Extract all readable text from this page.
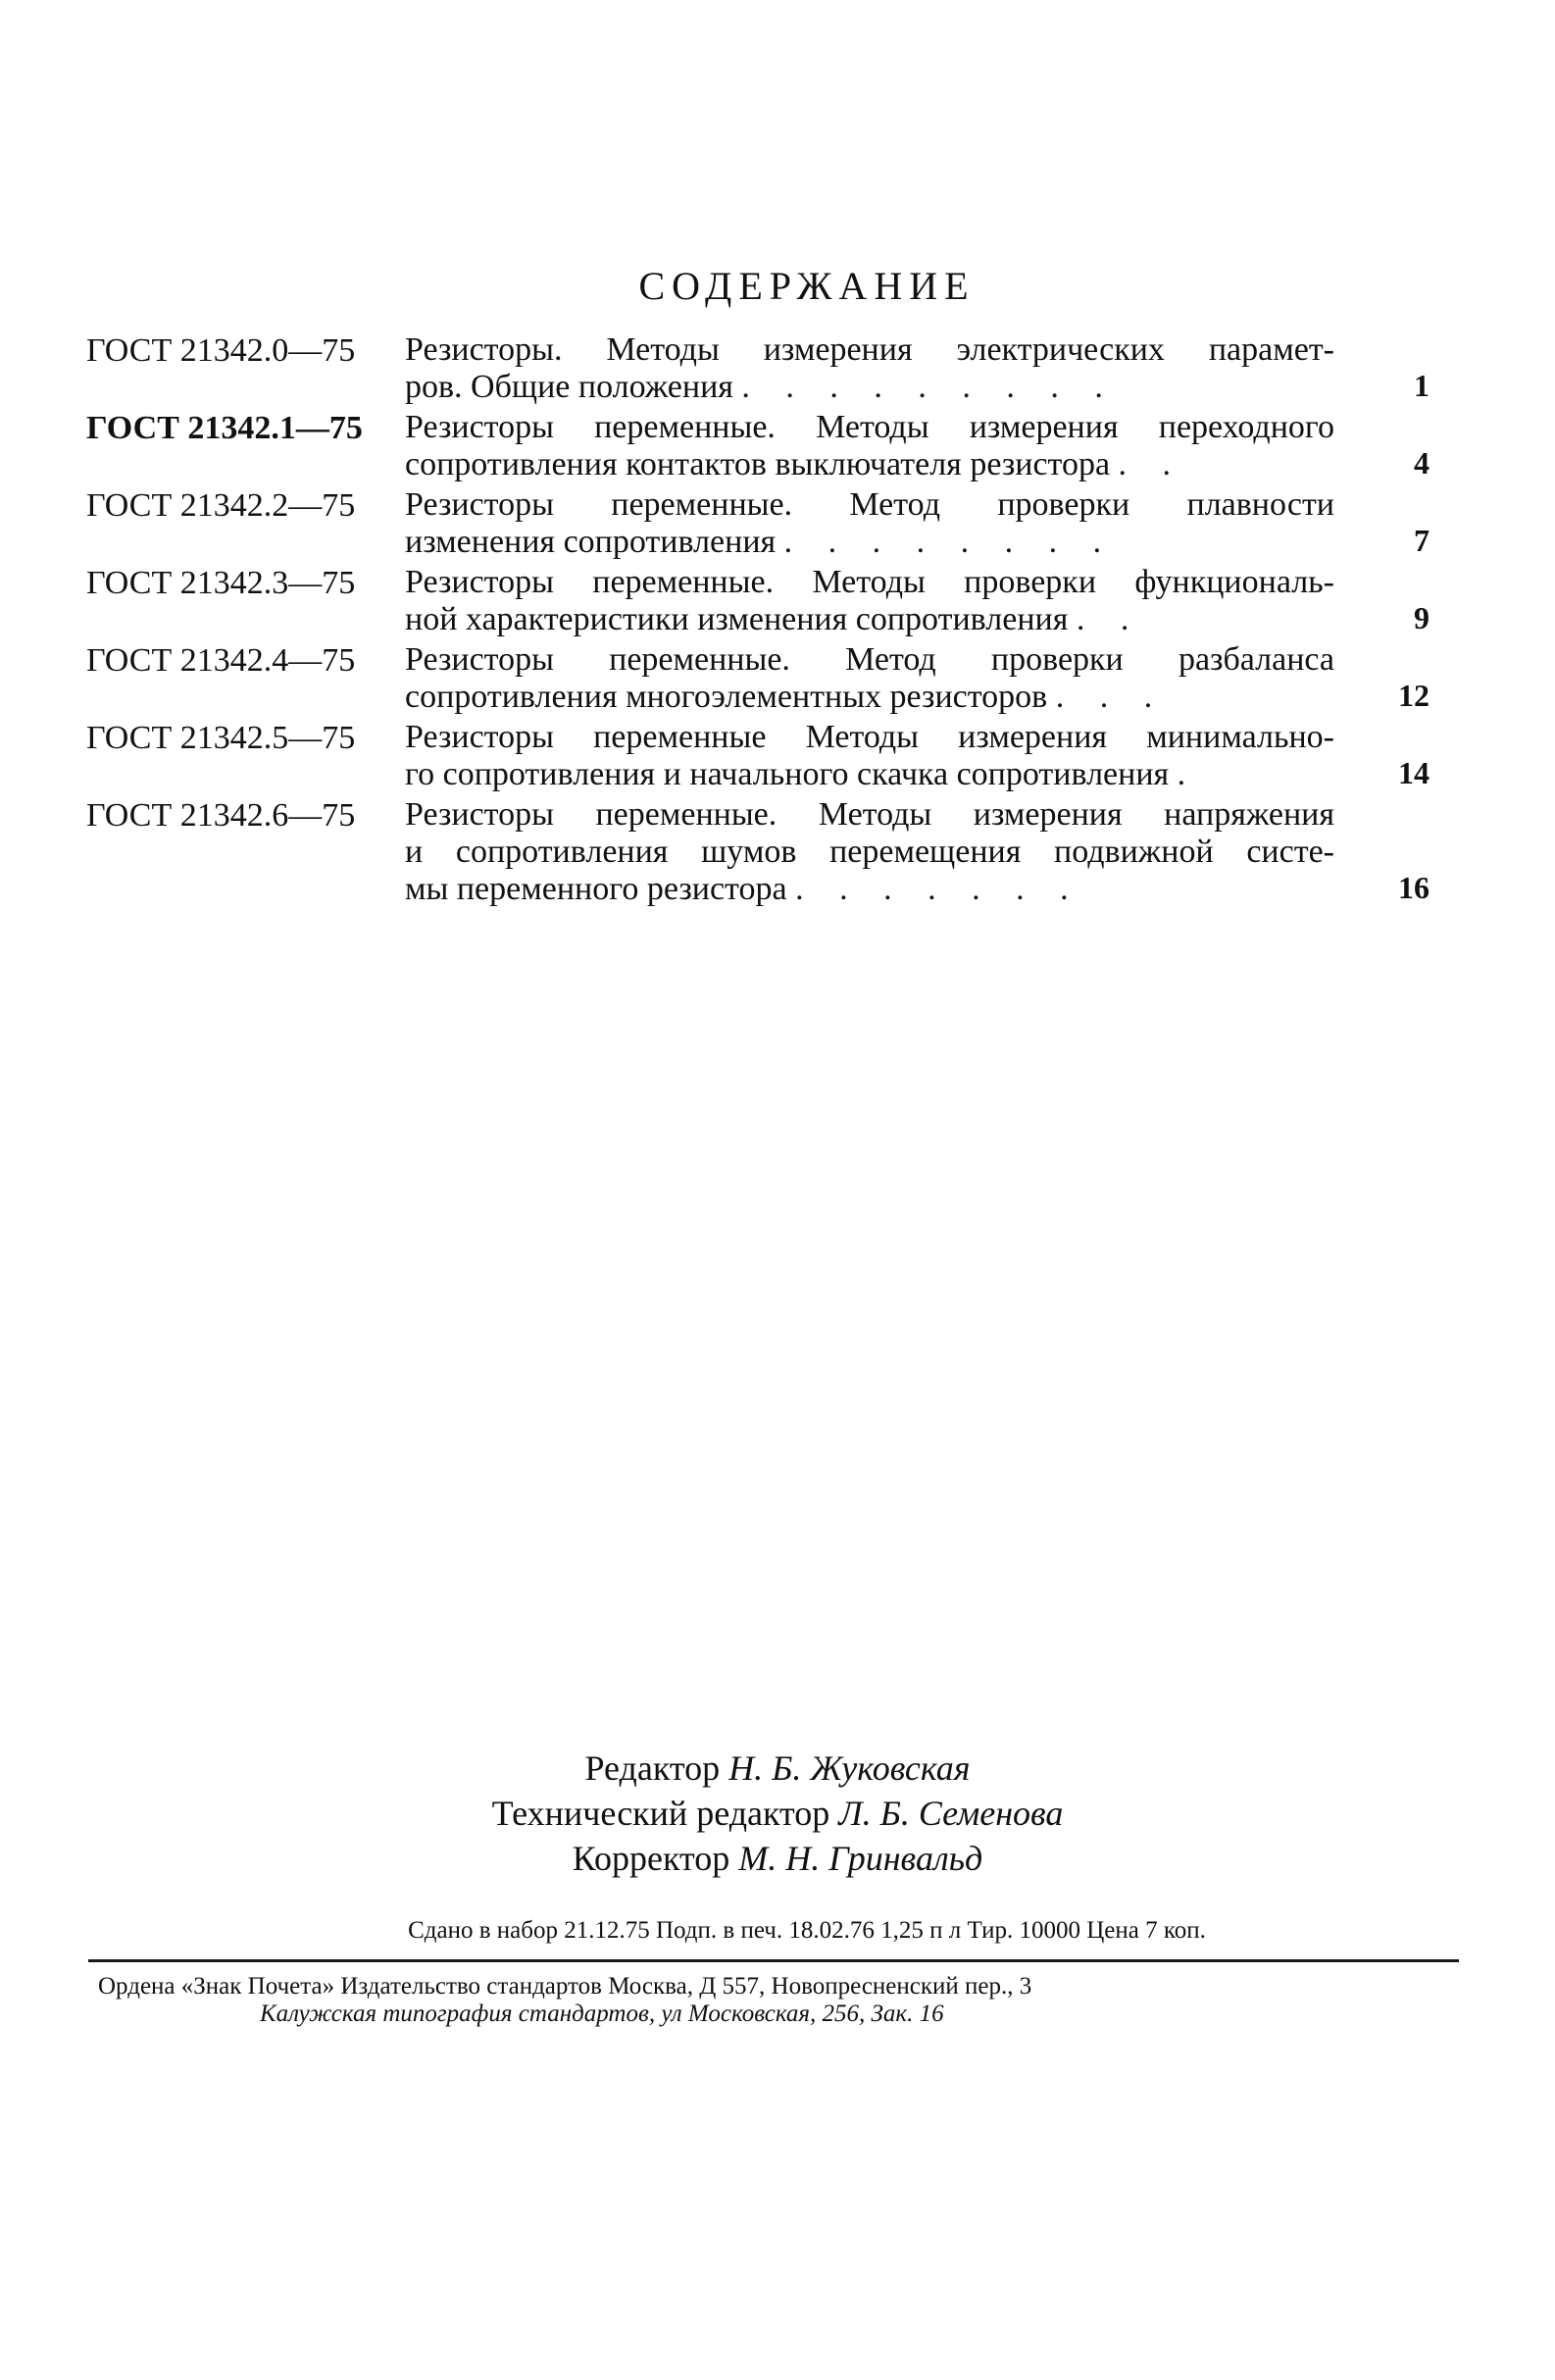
СОДЕРЖАНИЕ
ГОСТ 21342.0—75	Резисторы. Методы измерения электрических парамет-
ров. Общие положения . . . . . . . . .	1
ГОСТ 21342.1—75	Резисторы переменные. Методы измерения переходного
сопротивления контактов выключателя резистора . .	4
ГОСТ 21342.2—75	Резисторы переменные. Метод проверки плавности
изменения сопротивления . . . . . . . .	7
ГОСТ 21342.3—75	Резисторы переменные. Методы проверки функциональ-
ной характеристики изменения сопротивления . .	9
ГОСТ 21342.4—75	Резисторы переменные. Метод проверки разбаланса
сопротивления многоэлементных резисторов . . .	12
ГОСТ 21342.5—75	Резисторы переменные Методы измерения минимально-
го сопротивления и начального скачка сопротивления .	14
ГОСТ 21342.6—75	Резисторы переменные. Методы измерения напряжения
и сопротивления шумов перемещения подвижной систе-
мы переменного резистора . . . . . . .	16
Редактор Н. Б. Жуковская
Технический редактор Л. Б. Семенова
Корректор М. Н. Гринвальд
Сдано в набор 21.12.75 Подп. в печ. 18.02.76 1,25 п л Тир. 10000 Цена 7 коп.
Ордена «Знак Почета» Издательство стандартов Москва, Д 557, Новопресненский пер., 3
Калужская типография стандартов, ул Московская, 256, Зак. 16
